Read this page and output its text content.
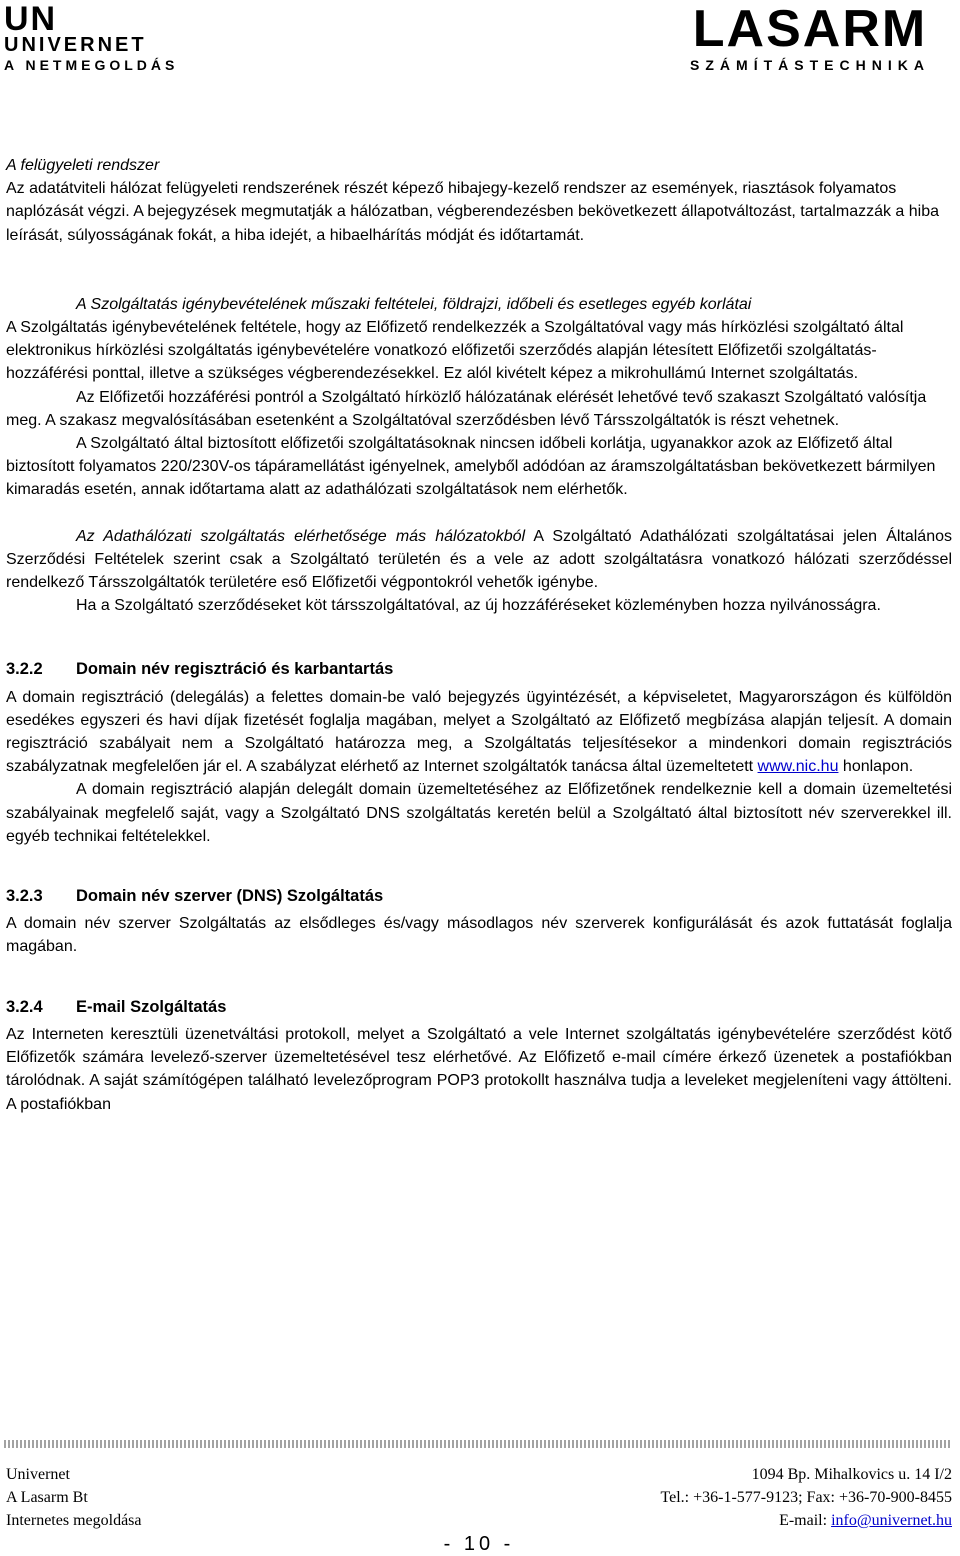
UN
UNIVERNET
A NETMEGOLDÁS
LASARM
SZÁMÍTÁSTECHNIKA

A felügyeleti rendszer

Az adatátviteli hálózat felügyeleti rendszerének részét képező hibajegy-kezelő rendszer az események, riasztások folyamatos naplózását végzi. A bejegyzések megmutatják a hálózatban, végberendezésben bekövetkezett állapotváltozást, tartalmazzák a hiba leírását, súlyosságának fokát, a hiba idejét, a hibaelhárítás módját és időtartamát.

A Szolgáltatás igénybevételének műszaki feltételei, földrajzi, időbeli és esetleges egyéb korlátai

A Szolgáltatás igénybevételének feltétele, hogy az Előfizető rendelkezzék a Szolgáltatóval vagy más hírközlési szolgáltató által elektronikus hírközlési szolgáltatás igénybevételére vonatkozó előfizetői szerződés alapján létesített Előfizetői szolgáltatás-hozzáférési ponttal, illetve a szükséges végberendezésekkel. Ez alól kivételt képez a mikrohullámú Internet szolgáltatás.

Az Előfizetői hozzáférési pontról a Szolgáltató hírközlő hálózatának elérését lehetővé tevő szakaszt Szolgáltató valósítja meg. A szakasz megvalósításában esetenként a Szolgáltatóval szerződésben lévő Társszolgáltatók is részt vehetnek.

A Szolgáltató által biztosított előfizetői szolgáltatásoknak nincsen időbeli korlátja, ugyanakkor azok az Előfizető által biztosított folyamatos 220/230V-os tápáramellátást igényelnek, amelyből adódóan az áramszolgáltatásban bekövetkezett bármilyen kimaradás esetén, annak időtartama alatt az adathálózati szolgáltatások nem elérhetők.

Az Adathálózati szolgáltatás elérhetősége más hálózatokból A Szolgáltató Adathálózati szolgáltatásai jelen Általános Szerződési Feltételek szerint csak a Szolgáltató területén és a vele az adott szolgáltatásra vonatkozó hálózati szerződéssel rendelkező Társszolgáltatók területére eső Előfizetői végpontokról vehetők igénybe.

Ha a Szolgáltató szerződéseket köt társszolgáltatóval, az új hozzáféréseket közleményben hozza nyilvánosságra.

3.2.2 Domain név regisztráció és karbantartás

A domain regisztráció (delegálás) a felettes domain-be való bejegyzés ügyintézését, a képviseletet, Magyarországon és külföldön esedékes egyszeri és havi díjak fizetését foglalja magában, melyet a Szolgáltató az Előfizető megbízása alapján teljesít. A domain regisztráció szabályait nem a Szolgáltató határozza meg, a Szolgáltatás teljesítésekor a mindenkori domain regisztrációs szabályzatnak megfelelően jár el. A szabályzat elérhető az Internet szolgáltatók tanácsa által üzemeltetett www.nic.hu honlapon.

A domain regisztráció alapján delegált domain üzemeltetéséhez az Előfizetőnek rendelkeznie kell a domain üzemeltetési szabályainak megfelelő saját, vagy a Szolgáltató DNS szolgáltatás keretén belül a Szolgáltató által biztosított név szerverekkel ill. egyéb technikai feltételekkel.

3.2.3 Domain név szerver (DNS) Szolgáltatás

A domain név szerver Szolgáltatás az elsődleges és/vagy másodlagos név szerverek konfigurálását és azok futtatását foglalja magában.

3.2.4 E-mail Szolgáltatás

Az Interneten keresztüli üzenetváltási protokoll, melyet a Szolgáltató a vele Internet szolgáltatás igénybevételére szerződést kötő Előfizetők számára levelező-szerver üzemeltetésével tesz elérhetővé. Az Előfizető e-mail címére érkező üzenetek a postafiókban tárolódnak. A saját számítógépen található levelezőprogram POP3 protokollt használva tudja a leveleket megjeleníteni vagy áttölteni. A postafiókban

Univernet
A Lasarm Bt
Internetes megoldása
1094 Bp. Mihalkovics u. 14 I/2
Tel.: +36-1-577-9123; Fax: +36-70-900-8455
E-mail: info@univernet.hu
- 10 -
